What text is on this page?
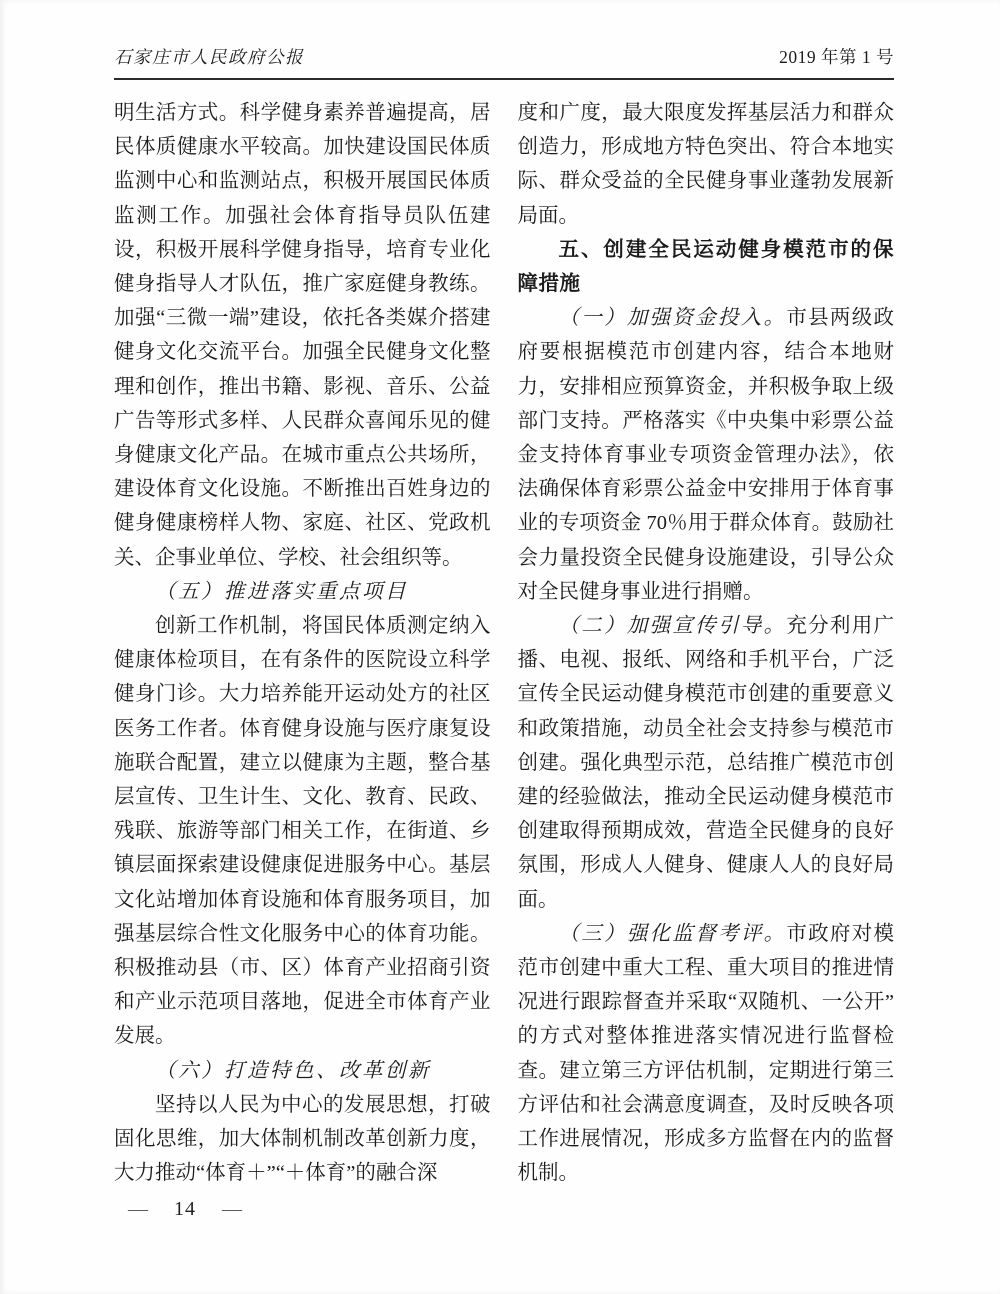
石家庄市人民政府公报	2019 年第 1 号

明生活方式。科学健身素养普遍提高，居民体质健康水平较高。加快建设国民体质监测中心和监测站点，积极开展国民体质监测工作。加强社会体育指导员队伍建设，积极开展科学健身指导，培育专业化健身指导人才队伍，推广家庭健身教练。加强“三微一端”建设，依托各类媒介搭建健身文化交流平台。加强全民健身文化整理和创作，推出书籍、影视、音乐、公益广告等形式多样、人民群众喜闻乐见的健身健康文化产品。在城市重点公共场所，建设体育文化设施。不断推出百姓身边的健身健康榜样人物、家庭、社区、党政机关、企事业单位、学校、社会组织等。

（五）推进落实重点项目

创新工作机制，将国民体质测定纳入健康体检项目，在有条件的医院设立科学健身门诊。大力培养能开运动处方的社区医务工作者。体育健身设施与医疗康复设施联合配置，建立以健康为主题，整合基层宣传、卫生计生、文化、教育、民政、残联、旅游等部门相关工作，在街道、乡镇层面探索建设健康促进服务中心。基层文化站增加体育设施和体育服务项目，加强基层综合性文化服务中心的体育功能。积极推动县（市、区）体育产业招商引资和产业示范项目落地，促进全市体育产业发展。

（六）打造特色、改革创新

坚持以人民为中心的发展思想，打破固化思维，加大体制机制改革创新力度，大力推动“体育＋”“＋体育”的融合深

度和广度，最大限度发挥基层活力和群众创造力，形成地方特色突出、符合本地实际、群众受益的全民健身事业蓬勃发展新局面。

五、创建全民运动健身模范市的保障措施

（一）加强资金投入。市县两级政府要根据模范市创建内容，结合本地财力，安排相应预算资金，并积极争取上级部门支持。严格落实《中央集中彩票公益金支持体育事业专项资金管理办法》，依法确保体育彩票公益金中安排用于体育事业的专项资金 70％用于群众体育。鼓励社会力量投资全民健身设施建设，引导公众对全民健身事业进行捐赠。

（二）加强宣传引导。充分利用广播、电视、报纸、网络和手机平台，广泛宣传全民运动健身模范市创建的重要意义和政策措施，动员全社会支持参与模范市创建。强化典型示范，总结推广模范市创建的经验做法，推动全民运动健身模范市创建取得预期成效，营造全民健身的良好氛围，形成人人健身、健康人人的良好局面。

（三）强化监督考评。市政府对模范市创建中重大工程、重大项目的推进情况进行跟踪督查并采取“双随机、一公开”的方式对整体推进落实情况进行监督检查。建立第三方评估机制，定期进行第三方评估和社会满意度调查，及时反映各项工作进展情况，形成多方监督在内的监督机制。

— 14 —
